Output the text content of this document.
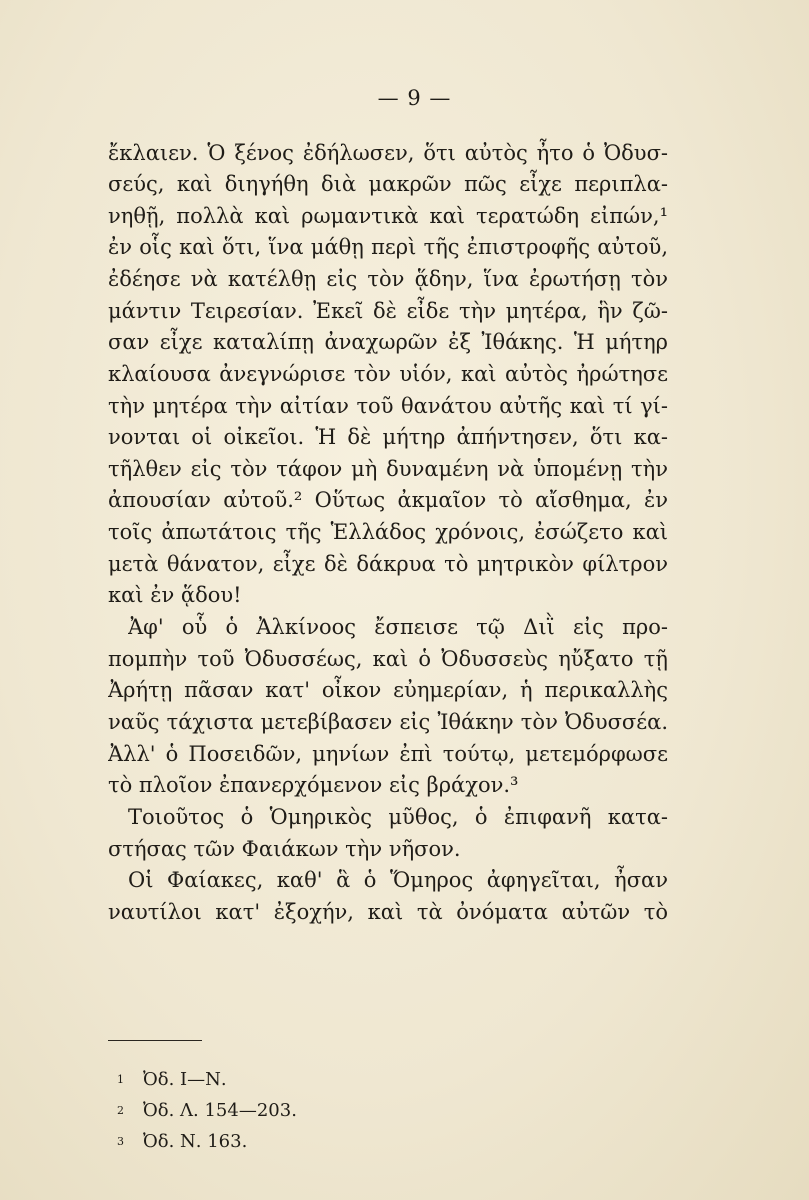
— 9 —
ἔκλαιεν. Ὁ ξένος ἐδήλωσεν, ὅτι αὐτὸς ἦτο ὁ Ὀδυσ-
σεύς, καὶ διηγήθη διὰ μακρῶν πῶς εἶχε περιπλα-
νηθῇ, πολλὰ καὶ ρωμαντικὰ καὶ τερατώδη εἰπών,¹
ἐν οἷς καὶ ὅτι, ἵνα μάθῃ περὶ τῆς ἐπιστροφῆς αὐτοῦ,
ἐδέησε νὰ κατέλθῃ εἰς τὸν ᾅδην, ἵνα ἐρωτήσῃ τὸν
μάντιν Τειρεσίαν. Ἐκεῖ δὲ εἶδε τὴν μητέρα, ἣν ζῶ-
σαν εἶχε καταλίπῃ ἀναχωρῶν ἐξ Ἰθάκης. Ἡ μήτηρ
κλαίουσα ἀνεγνώρισε τὸν υἱόν, καὶ αὐτὸς ἠρώτησε
τὴν μητέρα τὴν αἰτίαν τοῦ θανάτου αὐτῆς καὶ τί γί-
νονται οἱ οἰκεῖοι. Ἡ δὲ μήτηρ ἀπήντησεν, ὅτι κα-
τῆλθεν εἰς τὸν τάφον μὴ δυναμένη νὰ ὑπομένῃ τὴν
ἀπουσίαν αὐτοῦ.² Οὕτως ἀκμαῖον τὸ αἴσθημα, ἐν
τοῖς ἀπωτάτοις τῆς Ἑλλάδος χρόνοις, ἐσώζετο καὶ
μετὰ θάνατον, εἶχε δὲ δάκρυα τὸ μητρικὸν φίλτρον
καὶ ἐν ᾅδου!
Ἀφ' οὗ ὁ Ἀλκίνοος ἔσπεισε τῷ Διῒ εἰς προ-
πομπὴν τοῦ Ὀδυσσέως, καὶ ὁ Ὀδυσσεὺς ηὔξατο τῇ
Ἀρήτῃ πᾶσαν κατ' οἶκον εὐημερίαν, ἡ περικαλλὴς
ναῦς τάχιστα μετεβίβασεν εἰς Ἰθάκην τὸν Ὀδυσσέα.
Ἀλλ' ὁ Ποσειδῶν, μηνίων ἐπὶ τούτῳ, μετεμόρφωσε
τὸ πλοῖον ἐπανερχόμενον εἰς βράχον.³
Τοιοῦτος ὁ Ὁμηρικὸς μῦθος, ὁ ἐπιφανῆ κατα-
στήσας τῶν Φαιάκων τὴν νῆσον.
Οἱ Φαίακες, καθ' ἃ ὁ Ὅμηρος ἀφηγεῖται, ἦσαν
ναυτίλοι κατ' ἐξοχήν, καὶ τὰ ὀνόματα αὐτῶν τὸ
$^1$ Ὀδ. Ι—Ν.
$^2$ Ὀδ. Λ. 154—203.
$^3$ Ὀδ. Ν. 163.
